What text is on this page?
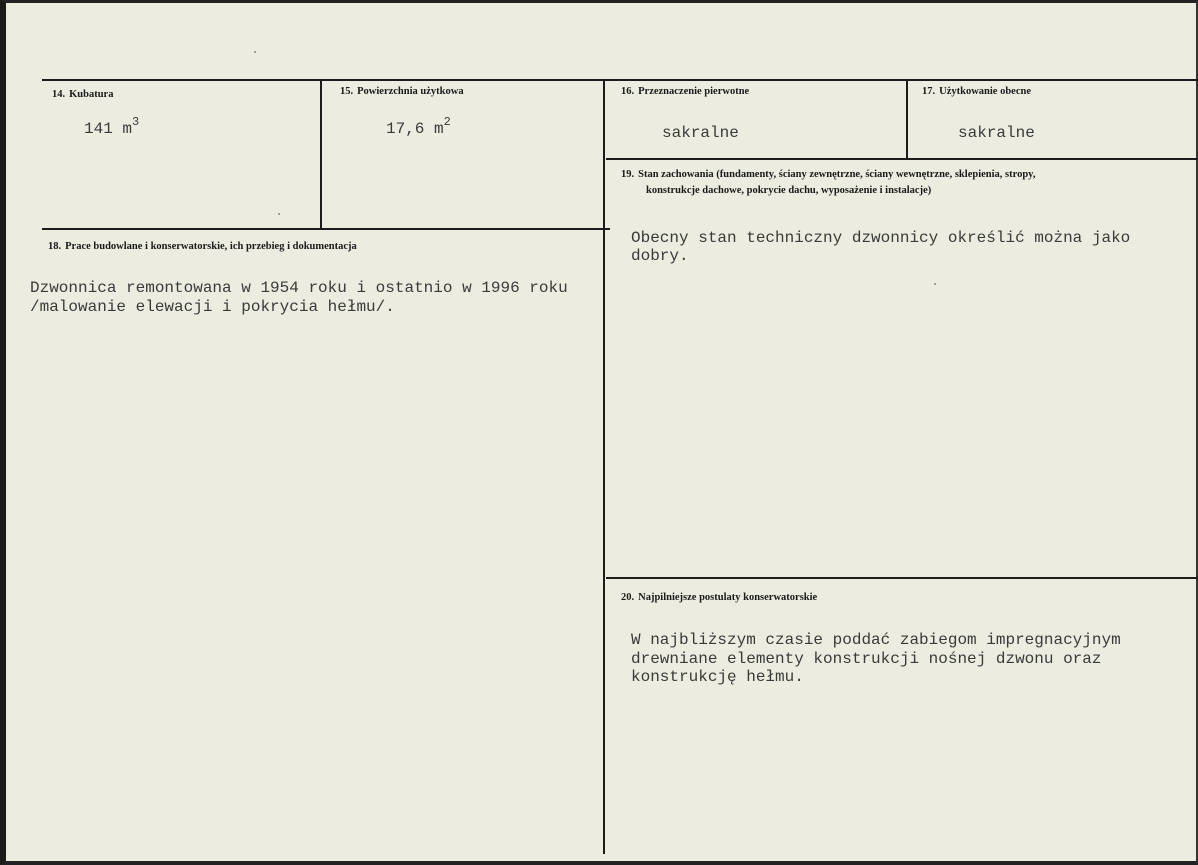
14. Kubatura
141 $m^3$
15. Powierzchnia użytkowa
17,6 $m^2$
16. Przeznaczenie pierwotne
sakralne
17. Użytkowanie obecne
sakralne
18. Prace budowlane i konserwatorskie, ich przebieg i dokumentacja
Dzwonnica remontowana w 1954 roku i ostatnio w 1996 roku
/malowanie elewacji i pokrycia hełmu/.
19. Stan zachowania (fundamenty, ściany zewnętrzne, ściany wewnętrzne, sklepienia, stropy,
konstrukcje dachowe, pokrycie dachu, wyposażenie i instalacje)
Obecny stan techniczny dzwonnicy określić można jako
dobry.
20. Najpilniejsze postulaty konserwatorskie
W najbliższym czasie poddać zabiegom impregnacyjnym
drewniane elementy konstrukcji nośnej dzwonu oraz
konstrukcję hełmu.
